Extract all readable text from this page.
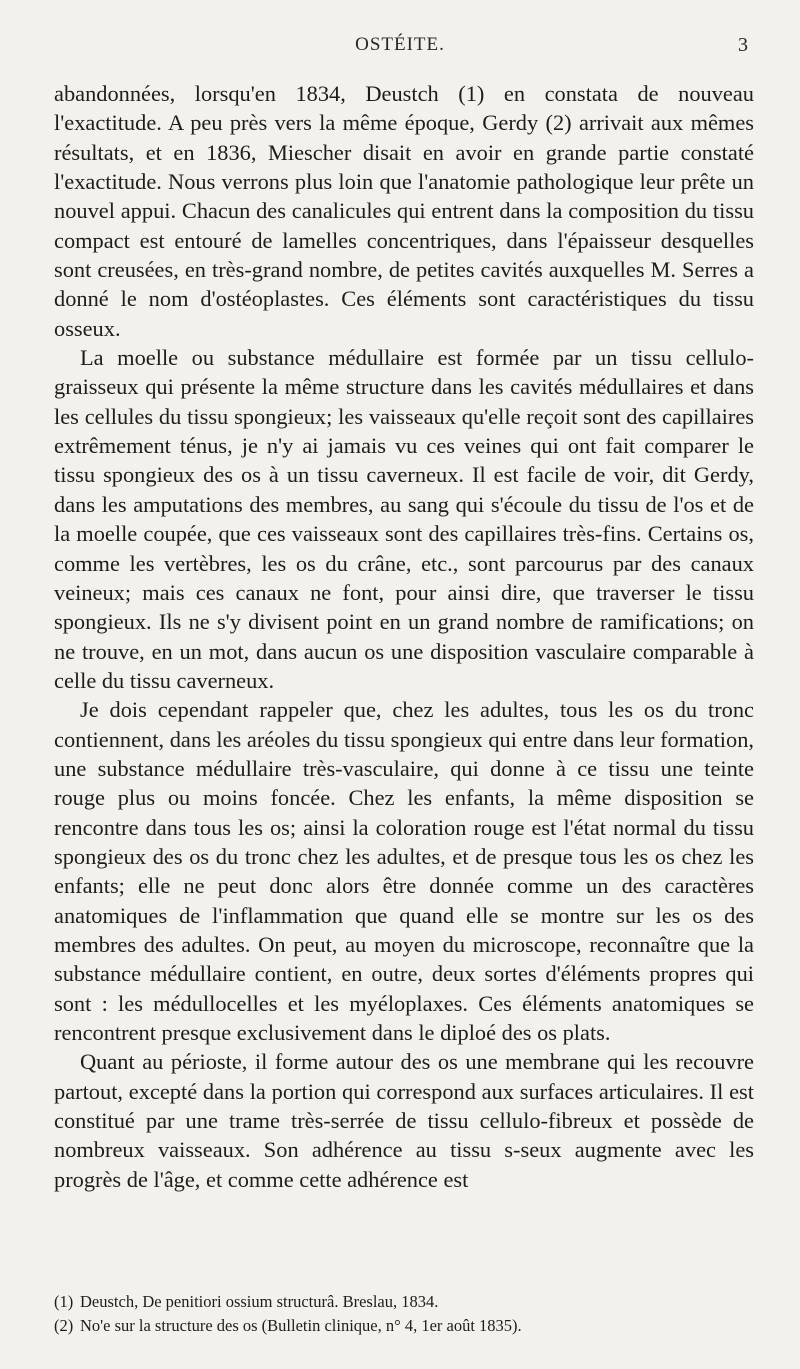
OSTÉITE.	3

abandonnées, lorsqu'en 1834, Deustch (1) en constata de nouveau l'exactitude. A peu près vers la même époque, Gerdy (2) arrivait aux mêmes résultats, et en 1836, Miescher disait en avoir en grande partie constaté l'exactitude. Nous verrons plus loin que l'anatomie pathologique leur prête un nouvel appui. Chacun des canalicules qui entrent dans la composition du tissu compact est entouré de lamelles concentriques, dans l'épaisseur desquelles sont creusées, en très-grand nombre, de petites cavités auxquelles M. Serres a donné le nom d'ostéoplastes. Ces éléments sont caractéristiques du tissu osseux.

La moelle ou substance médullaire est formée par un tissu cellulo-graisseux qui présente la même structure dans les cavités médullaires et dans les cellules du tissu spongieux; les vaisseaux qu'elle reçoit sont des capillaires extrêmement ténus, je n'y ai jamais vu ces veines qui ont fait comparer le tissu spongieux des os à un tissu caverneux. Il est facile de voir, dit Gerdy, dans les amputations des membres, au sang qui s'écoule du tissu de l'os et de la moelle coupée, que ces vaisseaux sont des capillaires très-fins. Certains os, comme les vertèbres, les os du crâne, etc., sont parcourus par des canaux veineux; mais ces canaux ne font, pour ainsi dire, que traverser le tissu spongieux. Ils ne s'y divisent point en un grand nombre de ramifications; on ne trouve, en un mot, dans aucun os une disposition vasculaire comparable à celle du tissu caverneux.

Je dois cependant rappeler que, chez les adultes, tous les os du tronc contiennent, dans les aréoles du tissu spongieux qui entre dans leur formation, une substance médullaire très-vasculaire, qui donne à ce tissu une teinte rouge plus ou moins foncée. Chez les enfants, la même disposition se rencontre dans tous les os; ainsi la coloration rouge est l'état normal du tissu spongieux des os du tronc chez les adultes, et de presque tous les os chez les enfants; elle ne peut donc alors être donnée comme un des caractères anatomiques de l'inflammation que quand elle se montre sur les os des membres des adultes. On peut, au moyen du microscope, reconnaître que la substance médullaire contient, en outre, deux sortes d'éléments propres qui sont : les médullocelles et les myéloplaxes. Ces éléments anatomiques se rencontrent presque exclusivement dans le diploé des os plats.

Quant au périoste, il forme autour des os une membrane qui les recouvre partout, excepté dans la portion qui correspond aux surfaces articulaires. Il est constitué par une trame très-serrée de tissu cellulo-fibreux et possède de nombreux vaisseaux. Son adhérence au tissu s-seux augmente avec les progrès de l'âge, et comme cette adhérence est

(1) Deustch, De penitiori ossium structurâ. Breslau, 1834.

(2) No'e sur la structure des os (Bulletin clinique, n° 4, 1er août 1835).
